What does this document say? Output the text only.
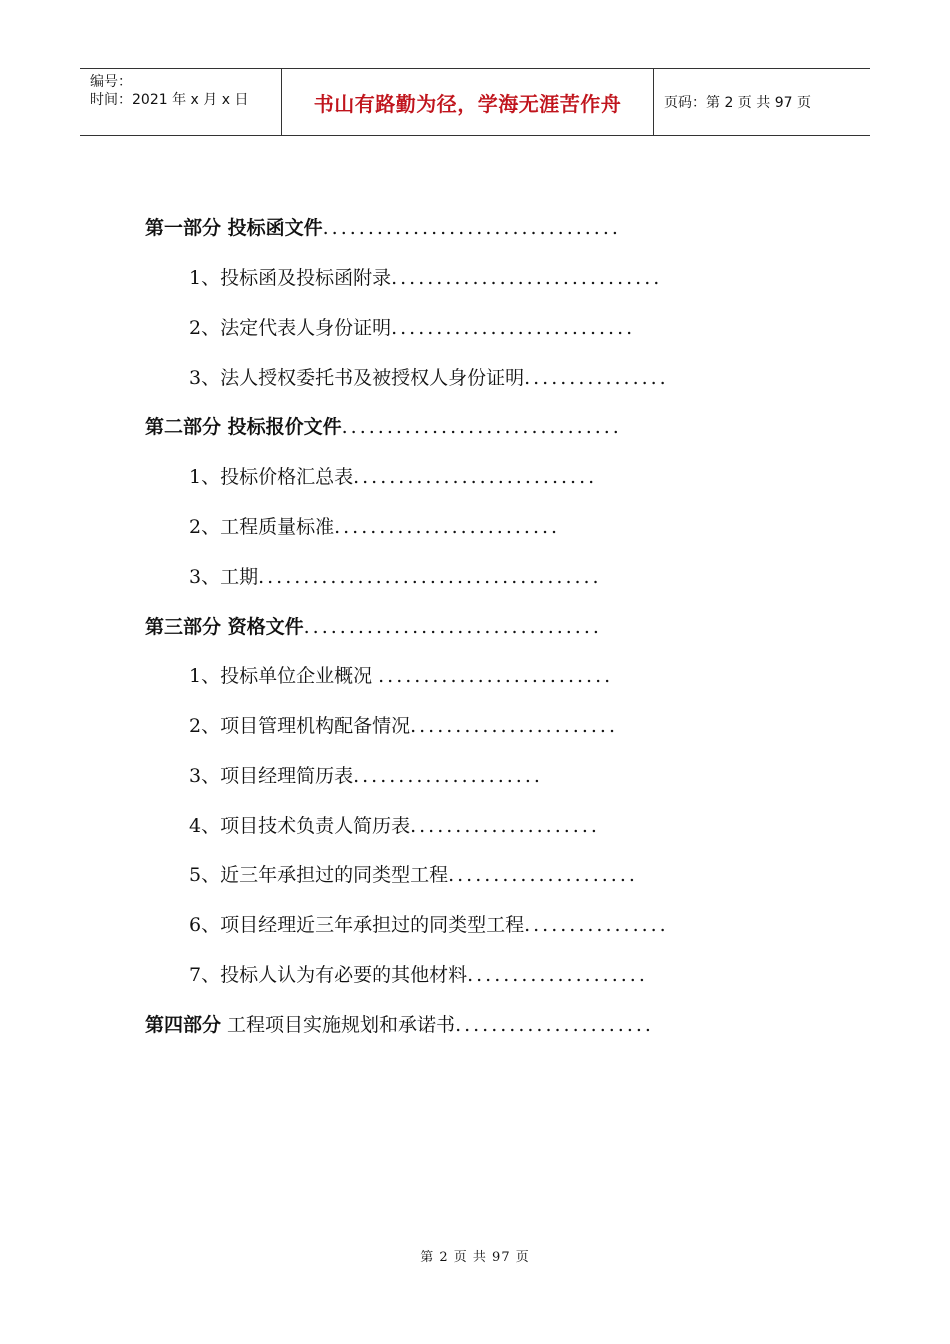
编号：
时间：2021 年 x 月 x 日	书山有路勤为径，学海无涯苦作舟	页码：第 2 页 共 97 页
第一部分 投标函文件.................................
1、投标函及投标函附录..............................
2、法定代表人身份证明...........................
3、法人授权委托书及被授权人身份证明................
第二部分 投标报价文件...............................
1、投标价格汇总表...........................
2、工程质量标准.........................
3、工期......................................
第三部分 资格文件.................................
1、投标单位企业概况 ..........................
2、项目管理机构配备情况.......................
3、项目经理简历表.....................
4、项目技术负责人简历表.....................
5、近三年承担过的同类型工程.....................
6、项目经理近三年承担过的同类型工程................
7、投标人认为有必要的其他材料....................
第四部分 工程项目实施规划和承诺书......................
第 2 页 共 97 页
